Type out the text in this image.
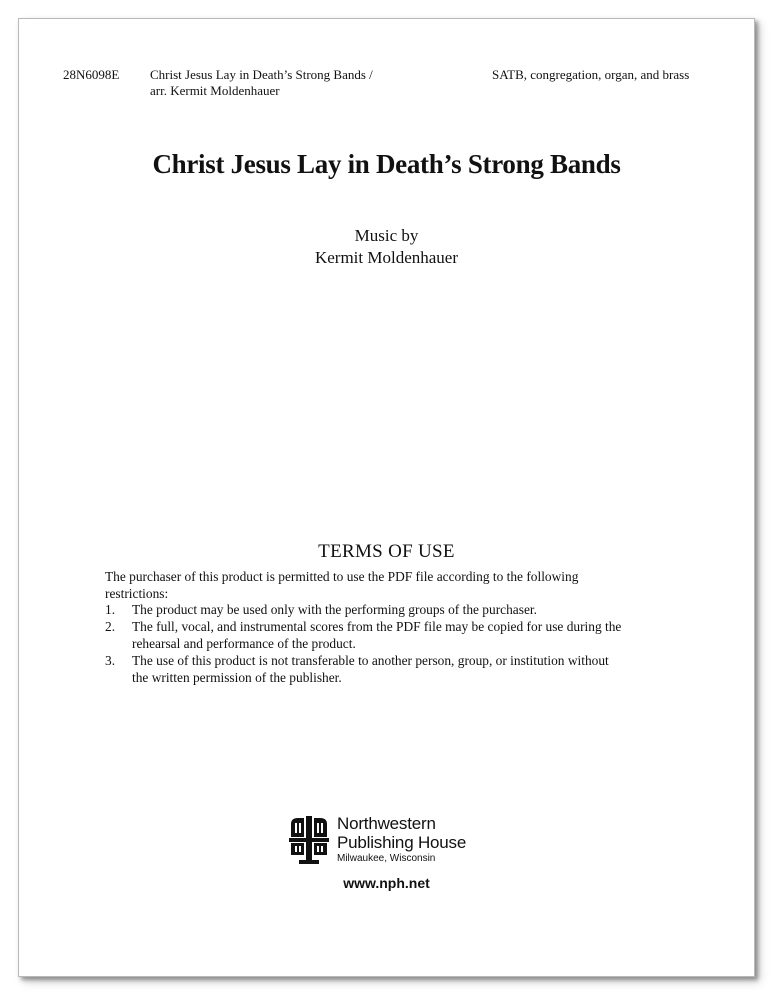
28N6098E Christ Jesus Lay in Death’s Strong Bands /
arr. Kermit Moldenhauer
SATB, congregation, organ, and brass
Christ Jesus Lay in Death’s Strong Bands
Music by
Kermit Moldenhauer
TERMS OF USE
The purchaser of this product is permitted to use the PDF file according to the following
restrictions:
1. The product may be used only with the performing groups of the purchaser.
2. The full, vocal, and instrumental scores from the PDF file may be copied for use during the
rehearsal and performance of the product.
3. The use of this product is not transferable to another person, group, or institution without
the written permission of the publisher.
Northwestern
Publishing House
Milwaukee, Wisconsin
www.nph.net
